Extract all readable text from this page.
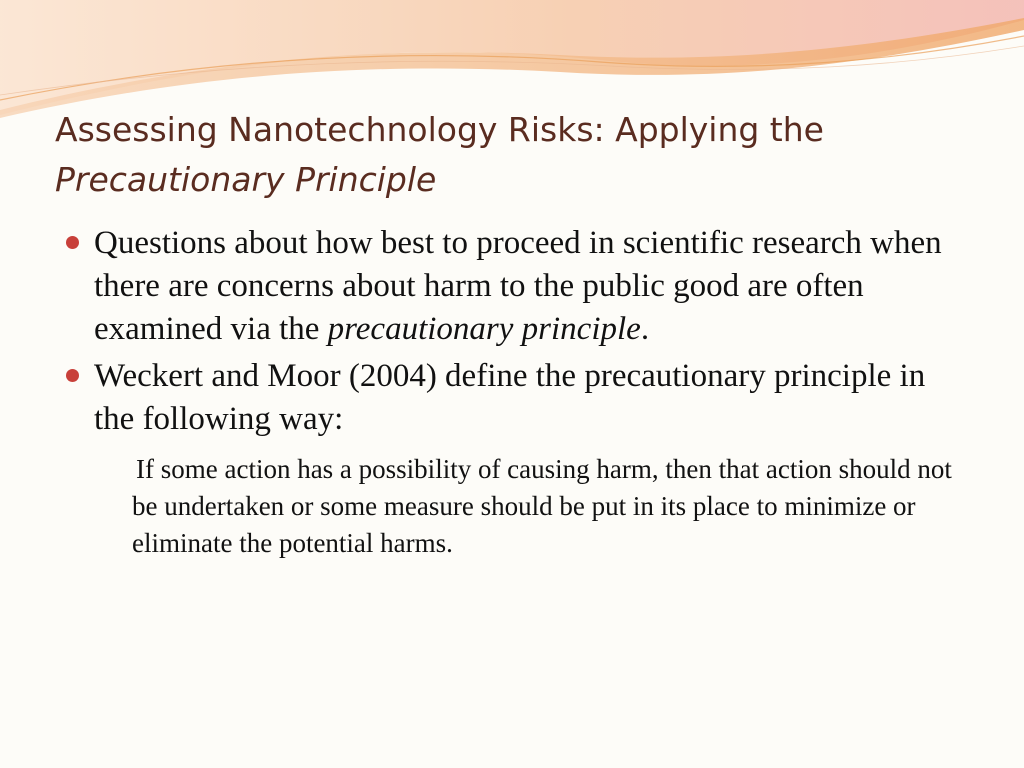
Assessing Nanotechnology Risks: Applying the
Precautionary Principle

Questions about how best to proceed in scientific research when there are concerns about harm to the public good are often examined via the precautionary principle.

Weckert and Moor (2004) define the precautionary principle in the following way:

If some action has a possibility of causing harm, then that action should not be undertaken or some measure should be put in its place to minimize or eliminate the potential harms.
